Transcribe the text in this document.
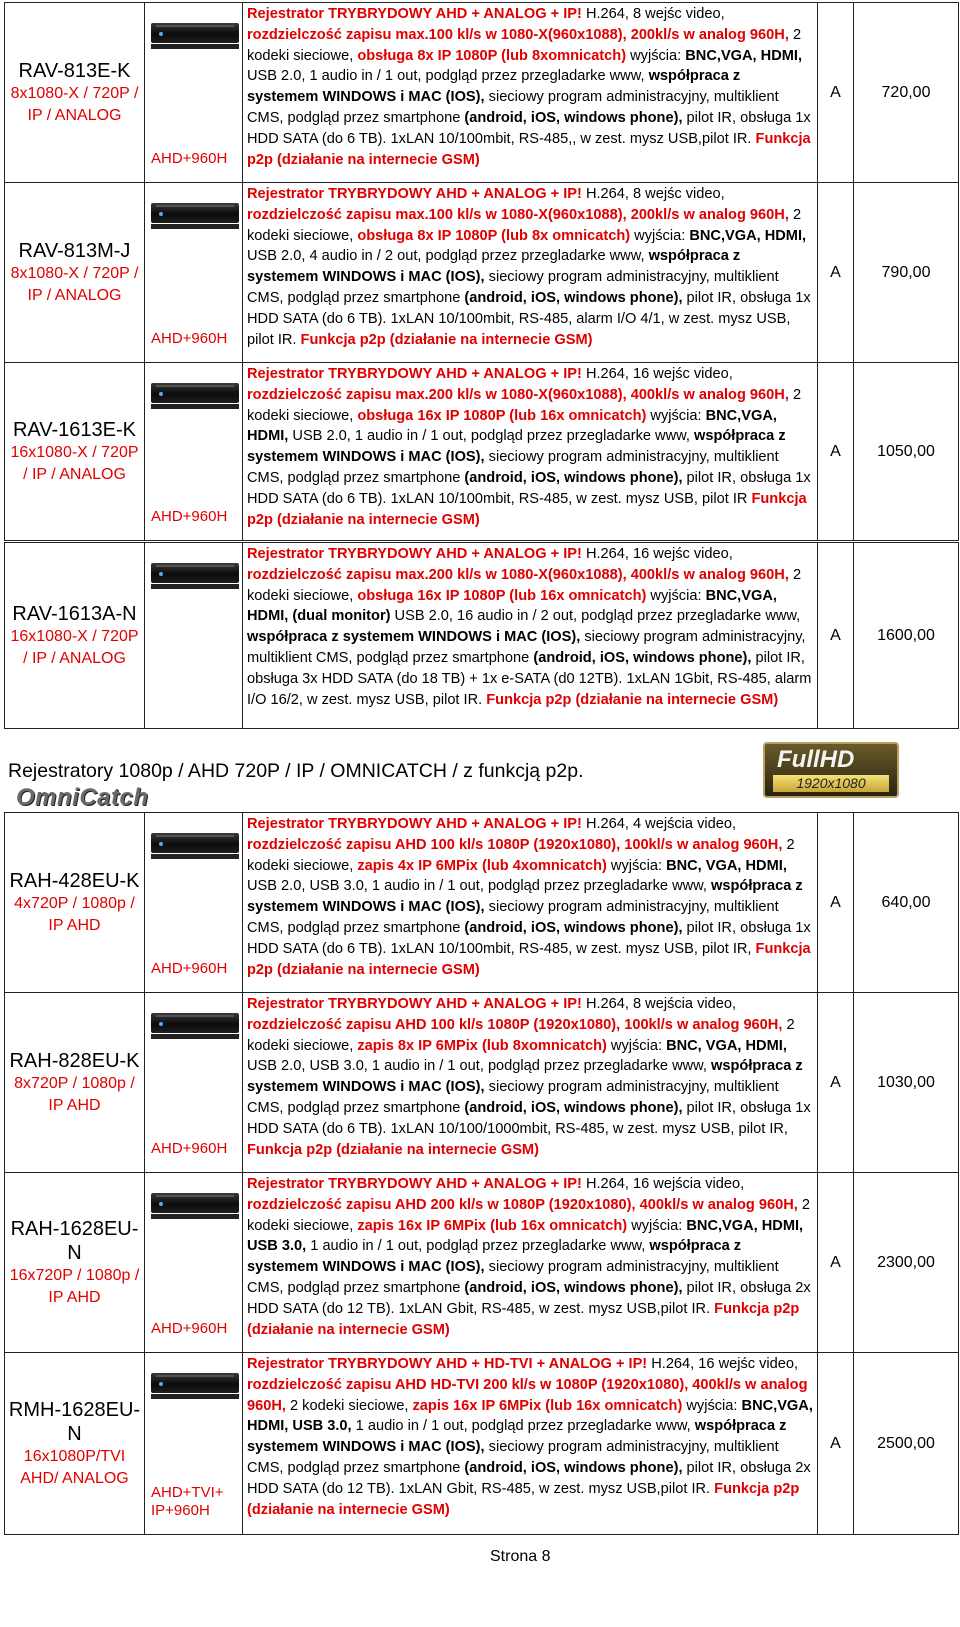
RAV-813E-K
8x1080-X / 720P / IP / ANALOG	AHD+960H	Rejestrator TRYBRYDOWY AHD + ANALOG + IP! H.264, 8 wejśc video, rozdzielczość zapisu max.100 kl/s w 1080-X(960x1088), 200kl/s w analog 960H, 2 kodeki sieciowe, obsługa 8x IP 1080P (lub 8xomnicatch) wyjścia: BNC,VGA, HDMI, USB 2.0, 1 audio in / 1 out, podgląd przez przegladarke www, współpraca z systemem WINDOWS i MAC (IOS), sieciowy program administracyjny, multiklient CMS, podgląd przez smartphone (android, iOS, windows phone), pilot IR, obsługa 1x HDD SATA (do 6 TB). 1xLAN 10/100mbit, RS-485,, w zest. mysz USB,pilot IR. Funkcja p2p (działanie na internecie GSM)	A	720,00

RAV-813M-J
8x1080-X / 720P / IP / ANALOG	AHD+960H	Rejestrator TRYBRYDOWY AHD + ANALOG + IP! H.264, 8 wejśc video, rozdzielczość zapisu max.100 kl/s w 1080-X(960x1088), 200kl/s w analog 960H, 2 kodeki sieciowe, obsługa 8x IP 1080P (lub 8x omnicatch) wyjścia: BNC,VGA, HDMI, USB 2.0, 4 audio in / 2 out, podgląd przez przegladarke www, współpraca z systemem WINDOWS i MAC (IOS), sieciowy program administracyjny, multiklient CMS, podgląd przez smartphone (android, iOS, windows phone), pilot IR, obsługa 1x HDD SATA (do 6 TB). 1xLAN 10/100mbit, RS-485, alarm I/O 4/1, w zest. mysz USB, pilot IR. Funkcja p2p (działanie na internecie GSM)	A	790,00

RAV-1613E-K
16x1080-X / 720P / IP / ANALOG	AHD+960H	Rejestrator TRYBRYDOWY AHD + ANALOG + IP! H.264, 16 wejśc video, rozdzielczość zapisu max.200 kl/s w 1080-X(960x1088), 400kl/s w analog 960H, 2 kodeki sieciowe, obsługa 16x IP 1080P (lub 16x omnicatch) wyjścia: BNC,VGA, HDMI, USB 2.0, 1 audio in / 1 out, podgląd przez przegladarke www, współpraca z systemem WINDOWS i MAC (IOS), sieciowy program administracyjny, multiklient CMS, podgląd przez smartphone (android, iOS, windows phone), pilot IR, obsługa 1x HDD SATA (do 6 TB). 1xLAN 10/100mbit, RS-485, w zest. mysz USB, pilot IR Funkcja p2p (działanie na internecie GSM)	A	1050,00
RAV-1613A-N
16x1080-X / 720P / IP / ANALOG

	Rejestrator TRYBRYDOWY AHD + ANALOG + IP! H.264, 16 wejśc video, rozdzielczość zapisu max.200 kl/s w 1080-X(960x1088), 400kl/s w analog 960H, 2 kodeki sieciowe, obsługa 16x IP 1080P (lub 16x omnicatch) wyjścia: BNC,VGA, HDMI, (dual monitor) USB 2.0, 16 audio in / 2 out, podgląd przez przegladarke www, współpraca z systemem WINDOWS i MAC (IOS), sieciowy program administracyjny, multiklient CMS, podgląd przez smartphone (android, iOS, windows phone), pilot IR, obsługa 3x HDD SATA (do 18 TB) + 1x e-SATA (d0 12TB). 1xLAN 1Gbit, RS-485, alarm I/O 16/2, w zest. mysz USB, pilot IR. Funkcja p2p (działanie na internecie GSM)	A	1600,00
Rejestratory 1080p / AHD 720P / IP / OMNICATCH / z funkcją p2p.
OmniCatch
FullHD
1920x1080
RAH-428EU-K
4x720P / 1080p / IP AHD	AHD+960H	Rejestrator TRYBRYDOWY AHD + ANALOG + IP! H.264, 4 wejścia video, rozdzielczość zapisu AHD 100 kl/s 1080P (1920x1080), 100kl/s w analog 960H, 2 kodeki sieciowe, zapis 4x IP 6MPix (lub 4xomnicatch) wyjścia: BNC, VGA, HDMI, USB 2.0, USB 3.0, 1 audio in / 1 out, podgląd przez przegladarke www, współpraca z systemem WINDOWS i MAC (IOS), sieciowy program administracyjny, multiklient CMS, podgląd przez smartphone (android, iOS, windows phone), pilot IR, obsługa 1x HDD SATA (do 6 TB). 1xLAN 10/100mbit, RS-485, w zest. mysz USB, pilot IR, Funkcja p2p (działanie na internecie GSM)	A	640,00

RAH-828EU-K
8x720P / 1080p / IP AHD	AHD+960H	Rejestrator TRYBRYDOWY AHD + ANALOG + IP! H.264, 8 wejścia video, rozdzielczość zapisu AHD 100 kl/s 1080P (1920x1080), 100kl/s w analog 960H, 2 kodeki sieciowe, zapis 8x IP 6MPix (lub 8xomnicatch) wyjścia: BNC, VGA, HDMI, USB 2.0, USB 3.0, 1 audio in / 1 out, podgląd przez przegladarke www, współpraca z systemem WINDOWS i MAC (IOS), sieciowy program administracyjny, multiklient CMS, podgląd przez smartphone (android, iOS, windows phone), pilot IR, obsługa 1x HDD SATA (do 6 TB). 1xLAN 10/100/1000mbit, RS-485, w zest. mysz USB, pilot IR, Funkcja p2p (działanie na internecie GSM)	A	1030,00

RAH-1628EU-N
16x720P / 1080p / IP AHD	AHD+960H	Rejestrator TRYBRYDOWY AHD + ANALOG + IP! H.264, 16 wejścia video, rozdzielczość zapisu AHD 200 kl/s w 1080P (1920x1080), 400kl/s w analog 960H, 2 kodeki sieciowe, zapis 16x IP 6MPix (lub 16x omnicatch) wyjścia: BNC,VGA, HDMI, USB 3.0, 1 audio in / 1 out, podgląd przez przegladarke www, współpraca z systemem WINDOWS i MAC (IOS), sieciowy program administracyjny, multiklient CMS, podgląd przez smartphone (android, iOS, windows phone), pilot IR, obsługa 2x HDD SATA (do 12 TB). 1xLAN Gbit, RS-485, w zest. mysz USB,pilot IR. Funkcja p2p (działanie na internecie GSM)	A	2300,00

RMH-1628EU-N
16x1080P/TVI AHD/ ANALOG	AHD+TVI+ IP+960H	Rejestrator TRYBRYDOWY AHD + HD-TVI + ANALOG + IP! H.264, 16 wejśc video, rozdzielczość zapisu AHD HD-TVI 200 kl/s w 1080P (1920x1080), 400kl/s w analog 960H, 2 kodeki sieciowe, zapis 16x IP 6MPix (lub 16x omnicatch) wyjścia: BNC,VGA, HDMI, USB 3.0, 1 audio in / 1 out, podgląd przez przegladarke www, współpraca z systemem WINDOWS i MAC (IOS), sieciowy program administracyjny, multiklient CMS, podgląd przez smartphone (android, iOS, windows phone), pilot IR, obsługa 2x HDD SATA (do 12 TB). 1xLAN Gbit, RS-485, w zest. mysz USB,pilot IR. Funkcja p2p (działanie na internecie GSM)	A	2500,00
Strona 8
